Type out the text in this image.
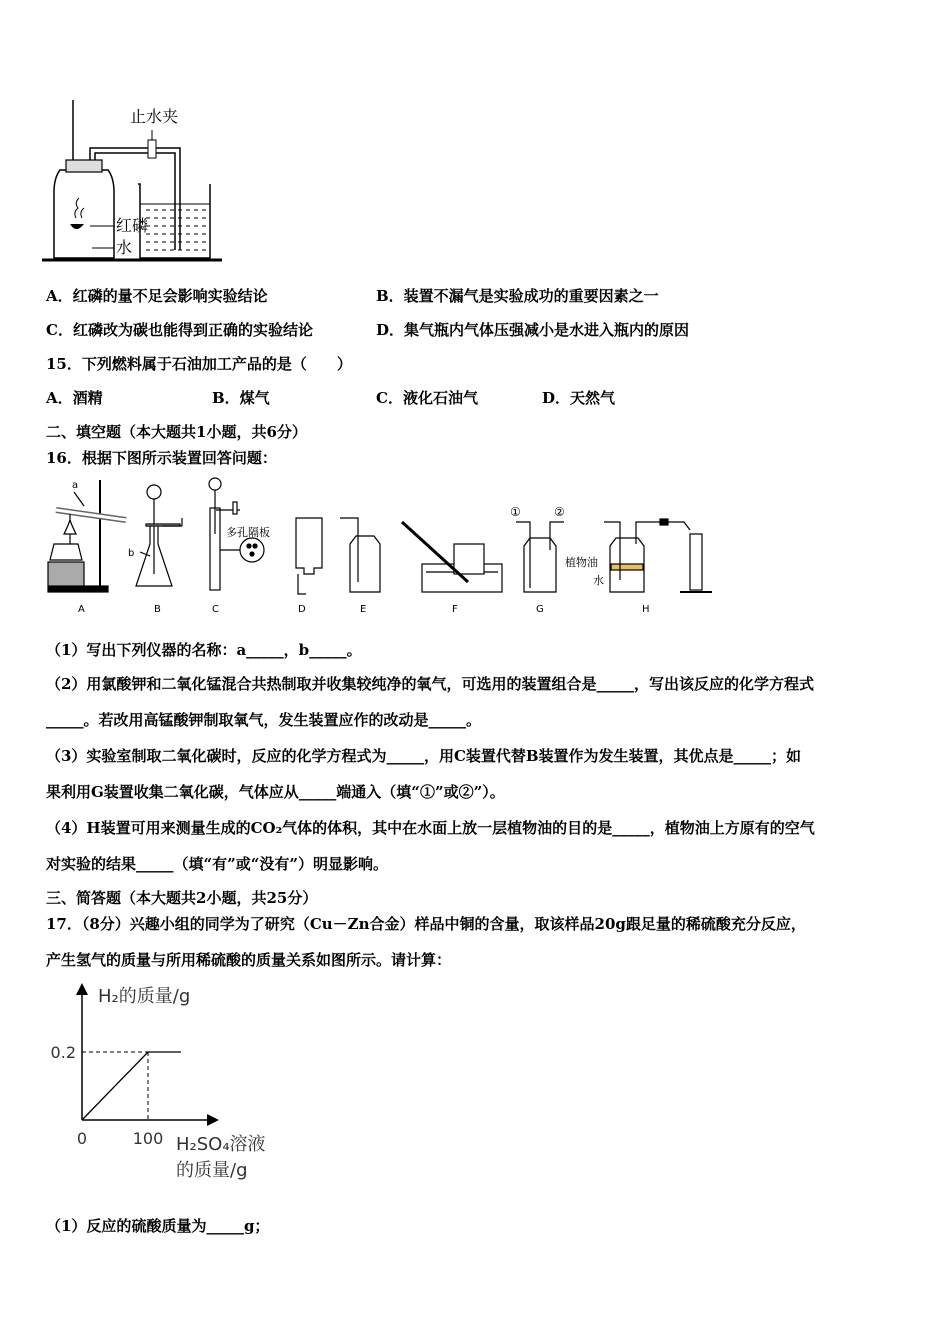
止水夹
红磷
水
A．红磷的量不足会影响实验结论	B．装置不漏气是实验成功的重要因素之一
C．红磷改为碳也能得到正确的实验结论	D．集气瓶内气体压强减小是水进入瓶内的原因
15．下列燃料属于石油加工产品的是（　　）
A．酒精	B．煤气	C．液化石油气	D．天然气
二、填空题（本大题共1小题，共6分）
16．根据下图所示装置回答问题：
a
b
多孔隔板
①	②
植物油
水
A	B	C	D	E	F	G	H
（1）写出下列仪器的名称：a_____，b_____。
（2）用氯酸钾和二氧化锰混合共热制取并收集较纯净的氧气，可选用的装置组合是_____，写出该反应的化学方程式
_____。若改用高锰酸钾制取氧气，发生装置应作的改动是_____。
（3）实验室制取二氧化碳时，反应的化学方程式为_____，用C装置代替B装置作为发生装置，其优点是_____；如
果利用G装置收集二氧化碳，气体应从_____端通入（填“①”或②”）。
（4）H装置可用来测量生成的CO₂气体的体积，其中在水面上放一层植物油的目的是_____，植物油上方原有的空气
对实验的结果_____（填“有”或“没有”）明显影响。
三、简答题（本大题共2小题，共25分）
17．（8分）兴趣小组的同学为了研究（Cu－Zn合金）样品中铜的含量，取该样品20g跟足量的稀硫酸充分反应，
产生氢气的质量与所用稀硫酸的质量关系如图所示。请计算：
H₂的质量/g
H₂SO₄溶液
的质量/g
0	100
0.2
（1）反应的硫酸质量为_____g；
